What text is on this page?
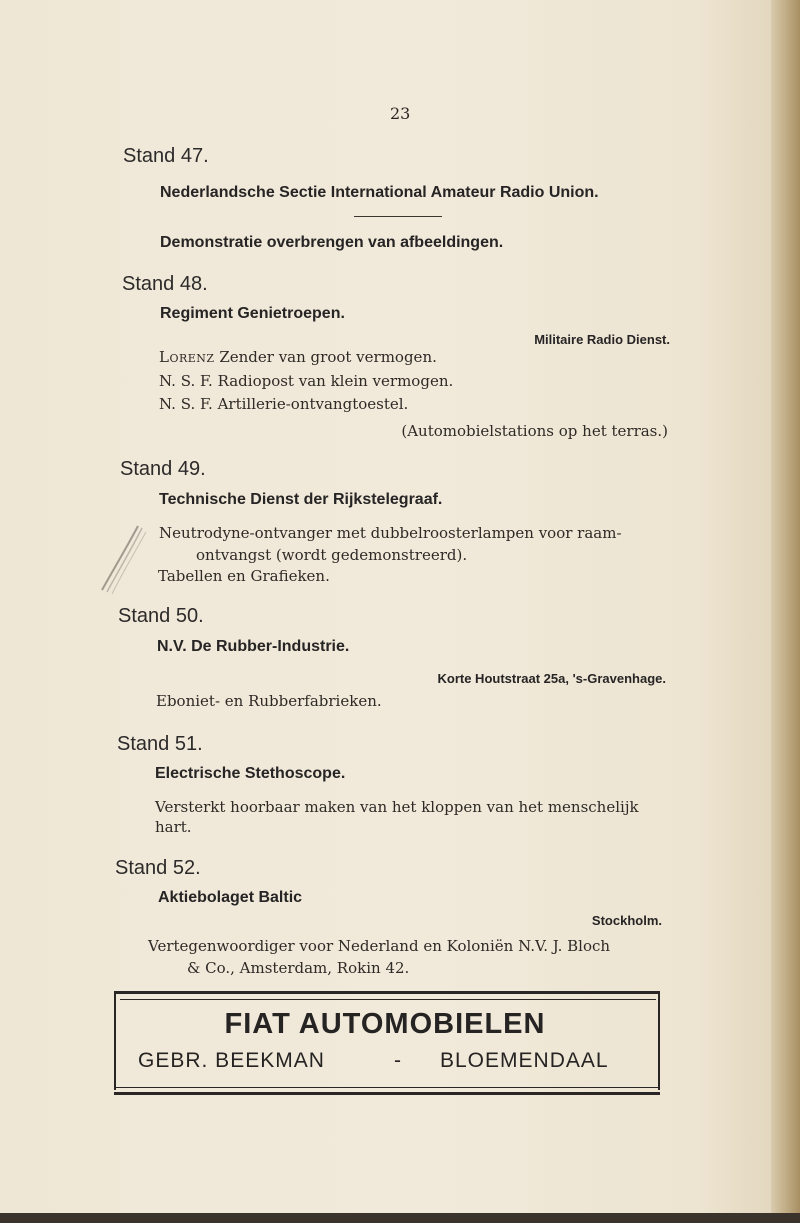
23
Stand 47.
Nederlandsche Sectie International Amateur Radio Union.
Demonstratie overbrengen van afbeeldingen.
Stand 48.
Regiment Genietroepen.
Militaire Radio Dienst.
Lorenz Zender van groot vermogen.
N. S. F. Radiopost van klein vermogen.
N. S. F. Artillerie-ontvangtoestel.
(Automobielstations op het terras.)
Stand 49.
Technische Dienst der Rijkstelegraaf.
Neutrodyne-ontvanger met dubbelroosterlampen voor raam-
ontvangst (wordt gedemonstreerd).
Tabellen en Grafieken.
Stand 50.
N.V. De Rubber-Industrie.
Korte Houtstraat 25a, 's-Gravenhage.
Eboniet- en Rubberfabrieken.
Stand 51.
Electrische Stethoscope.
Versterkt hoorbaar maken van het kloppen van het menschelijk
hart.
Stand 52.
Aktiebolaget Baltic
Stockholm.
Vertegenwoordiger voor Nederland en Koloniën N.V. J. Bloch
& Co., Amsterdam, Rokin 42.
FIAT AUTOMOBIELEN
GEBR. BEEKMAN	- BLOEMENDAAL
